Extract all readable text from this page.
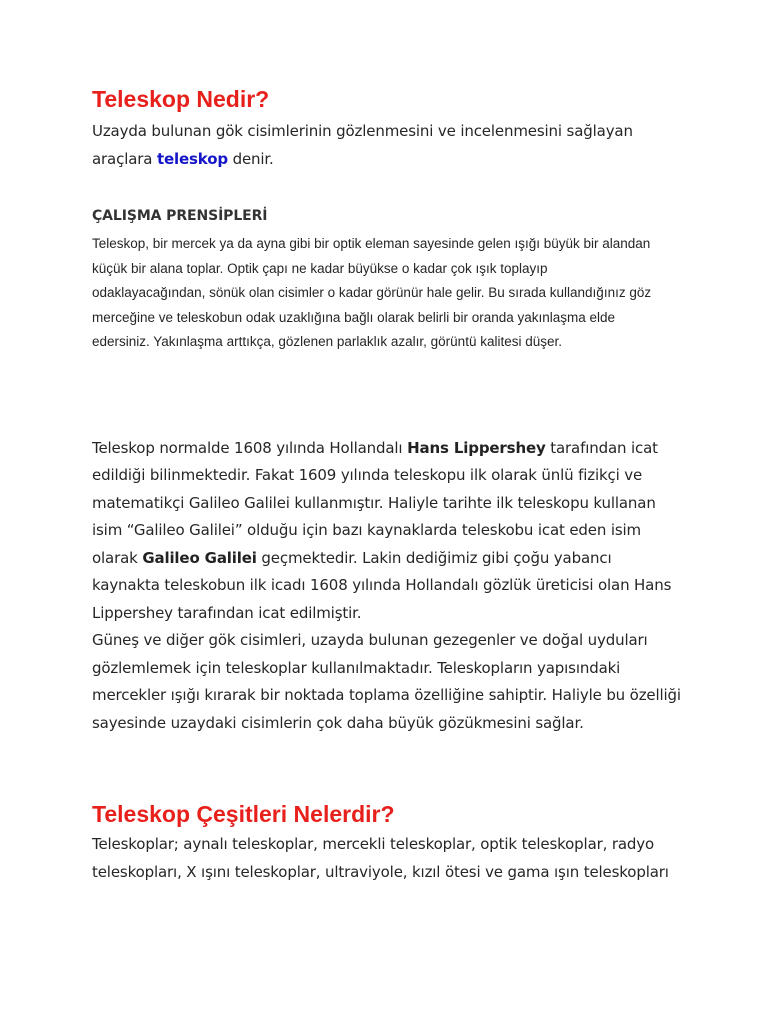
Teleskop Nedir?

Uzayda bulunan gök cisimlerinin gözlenmesini ve incelenmesini sağlayan araçlara teleskop denir.

ÇALIŞMA PRENSİPLERİ

Teleskop, bir mercek ya da ayna gibi bir optik eleman sayesinde gelen ışığı büyük bir alandan küçük bir alana toplar. Optik çapı ne kadar büyükse o kadar çok ışık toplayıp odaklayacağından, sönük olan cisimler o kadar görünür hale gelir. Bu sırada kullandığınız göz merceğine ve teleskobun odak uzaklığına bağlı olarak belirli bir oranda yakınlaşma elde edersiniz. Yakınlaşma arttıkça, gözlenen parlaklık azalır, görüntü kalitesi düşer.

Teleskop normalde 1608 yılında Hollandalı Hans Lippershey tarafından icat edildiği bilinmektedir. Fakat 1609 yılında teleskopu ilk olarak ünlü fizikçi ve matematikçi Galileo Galilei kullanmıştır. Haliyle tarihte ilk teleskopu kullanan isim “Galileo Galilei” olduğu için bazı kaynaklarda teleskobu icat eden isim olarak Galileo Galilei geçmektedir. Lakin dediğimiz gibi çoğu yabancı kaynakta teleskobun ilk icadı 1608 yılında Hollandalı gözlük üreticisi olan Hans Lippershey tarafından icat edilmiştir.

Güneş ve diğer gök cisimleri, uzayda bulunan gezegenler ve doğal uyduları gözlemlemek için teleskoplar kullanılmaktadır. Teleskopların yapısındaki mercekler ışığı kırarak bir noktada toplama özelliğine sahiptir. Haliyle bu özelliği sayesinde uzaydaki cisimlerin çok daha büyük gözükmesini sağlar.

Teleskop Çeşitleri Nelerdir?

Teleskoplar; aynalı teleskoplar, mercekli teleskoplar, optik teleskoplar, radyo teleskopları, X ışını teleskoplar, ultraviyole, kızıl ötesi ve gama ışın teleskopları
